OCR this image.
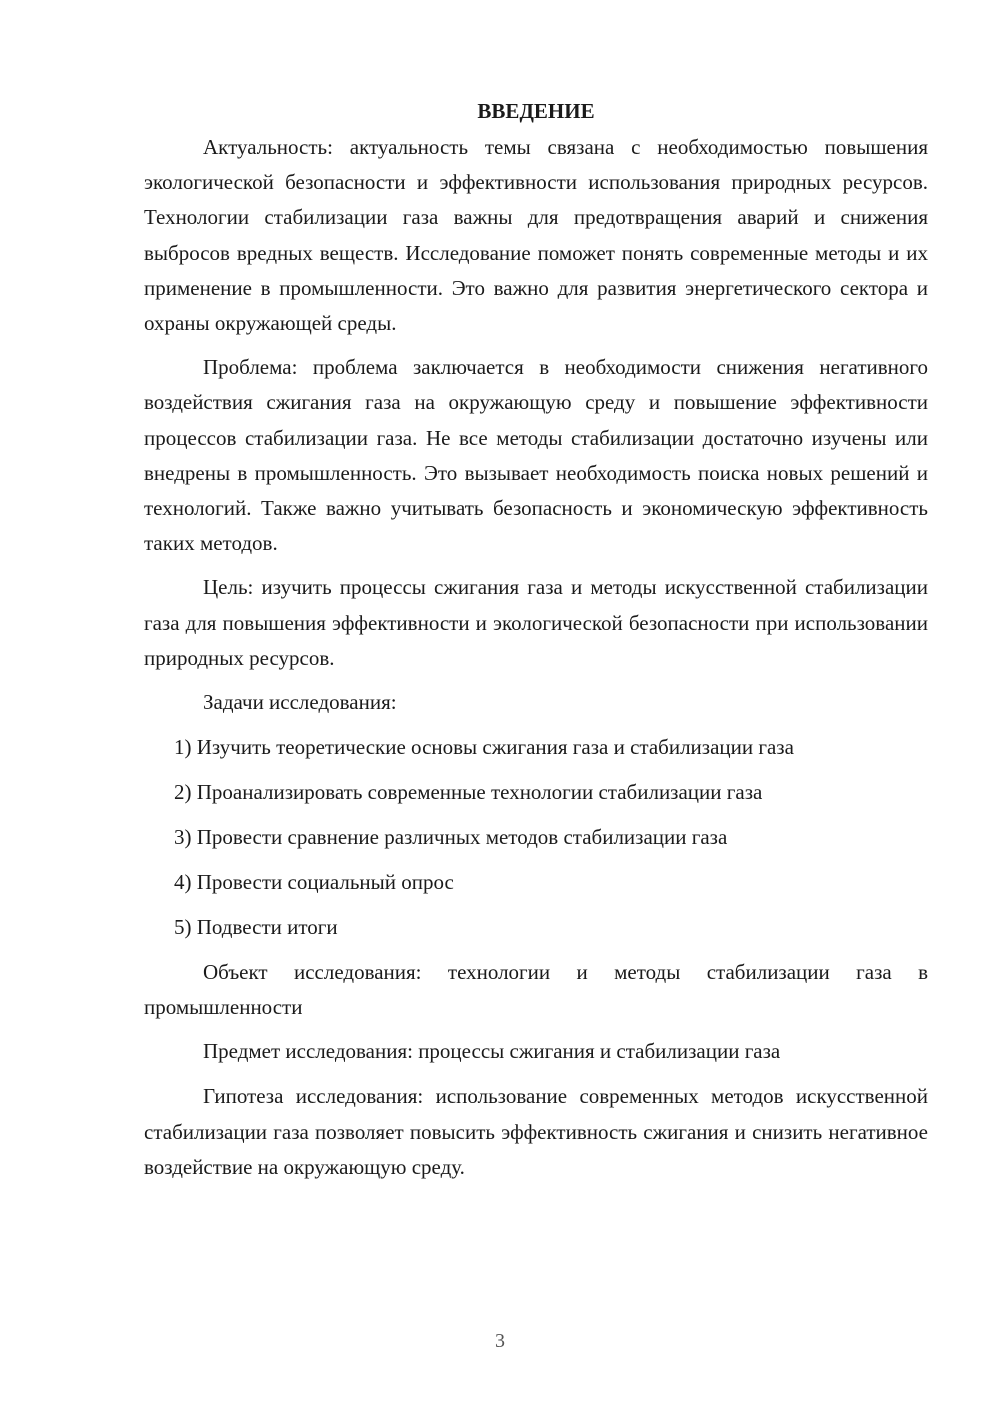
ВВЕДЕНИЕ

Актуальность: актуальность темы связана с необходимостью повышения экологической безопасности и эффективности использования природных ресурсов. Технологии стабилизации газа важны для предотвращения аварий и снижения выбросов вредных веществ. Исследование поможет понять современные методы и их применение в промышленности. Это важно для развития энергетического сектора и охраны окружающей среды.

Проблема: проблема заключается в необходимости снижения негативного воздействия сжигания газа на окружающую среду и повышение эффективности процессов стабилизации газа. Не все методы стабилизации достаточно изучены или внедрены в промышленность. Это вызывает необходимость поиска новых решений и технологий. Также важно учитывать безопасность и экономическую эффективность таких методов.

Цель: изучить процессы сжигания газа и методы искусственной стабилизации газа для повышения эффективности и экологической безопасности при использовании природных ресурсов.

Задачи исследования:

1) Изучить теоретические основы сжигания газа и стабилизации газа

2) Проанализировать современные технологии стабилизации газа

3) Провести сравнение различных методов стабилизации газа

4) Провести социальный опрос

5) Подвести итоги

Объект исследования: технологии и методы стабилизации газа в промышленности

Предмет исследования: процессы сжигания и стабилизации газа

Гипотеза исследования: использование современных методов искусственной стабилизации газа позволяет повысить эффективность сжигания и снизить негативное воздействие на окружающую среду.

3
